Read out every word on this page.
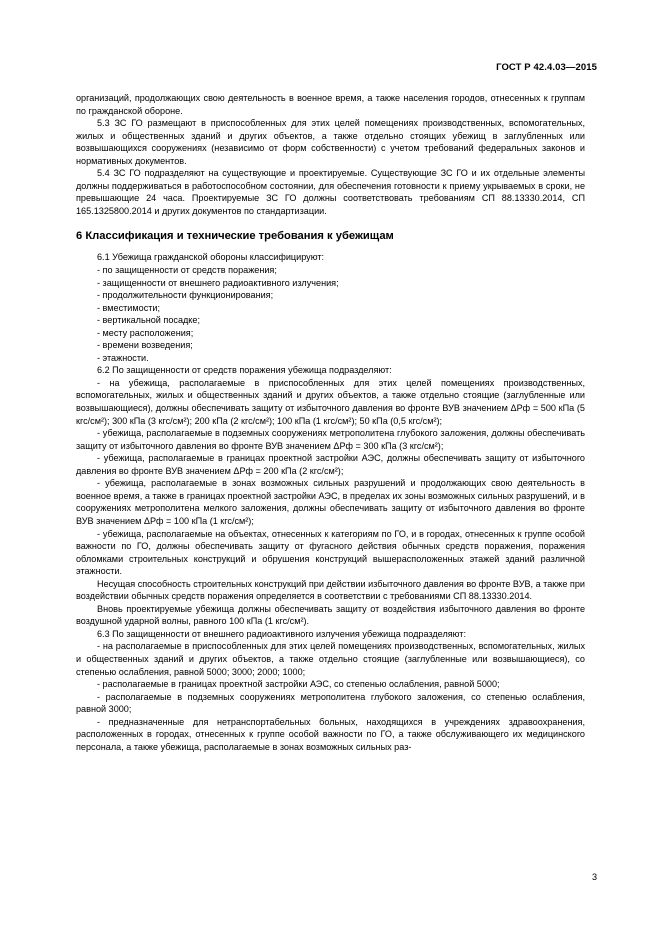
ГОСТ Р 42.4.03—2015
организаций, продолжающих свою деятельность в военное время, а также населения городов, отнесенных к группам по гражданской обороне.
5.3 ЗС ГО размещают в приспособленных для этих целей помещениях производственных, вспомогательных, жилых и общественных зданий и других объектов, а также отдельно стоящих убежищ в заглубленных или возвышающихся сооружениях (независимо от форм собственности) с учетом требований федеральных законов и нормативных документов.
5.4 ЗС ГО подразделяют на существующие и проектируемые. Существующие ЗС ГО и их отдельные элементы должны поддерживаться в работоспособном состоянии, для обеспечения готовности к приему укрываемых в сроки, не превышающие 24 часа. Проектируемые ЗС ГО должны соответствовать требованиям СП 88.13330.2014, СП 165.1325800.2014 и других документов по стандартизации.
6 Классификация и технические требования к убежищам
6.1 Убежища гражданской обороны классифицируют:
- по защищенности от средств поражения;
- защищенности от внешнего радиоактивного излучения;
- продолжительности функционирования;
- вместимости;
- вертикальной посадке;
- месту расположения;
- времени возведения;
- этажности.
6.2 По защищенности от средств поражения убежища подразделяют:
- на убежища, располагаемые в приспособленных для этих целей помещениях производственных, вспомогательных, жилых и общественных зданий и других объектов, а также отдельно стоящие (заглубленные или возвышающиеся), должны обеспечивать защиту от избыточного давления во фронте ВУВ значением ΔPф = 500 кПа (5 кгс/см²); 300 кПа (3 кгс/см²); 200 кПа (2 кгс/см²); 100 кПа (1 кгс/см²); 50 кПа (0,5 кгс/см²);
- убежища, располагаемые в подземных сооружениях метрополитена глубокого заложения, должны обеспечивать защиту от избыточного давления во фронте ВУВ значением ΔPф = 300 кПа (3 кгс/см²);
- убежища, располагаемые в границах проектной застройки АЭС, должны обеспечивать защиту от избыточного давления во фронте ВУВ значением ΔPф = 200 кПа (2 кгс/см²);
- убежища, располагаемые в зонах возможных сильных разрушений и продолжающих свою деятельность в военное время, а также в границах проектной застройки АЭС, в пределах их зоны возможных сильных разрушений, и в сооружениях метрополитена мелкого заложения, должны обеспечивать защиту от избыточного давления во фронте ВУВ значением ΔPф = 100 кПа (1 кгс/см²);
- убежища, располагаемые на объектах, отнесенных к категориям по ГО, и в городах, отнесенных к группе особой важности по ГО, должны обеспечивать защиту от фугасного действия обычных средств поражения, поражения обломками строительных конструкций и обрушения конструкций вышерасположенных этажей зданий различной этажности.
Несущая способность строительных конструкций при действии избыточного давления во фронте ВУВ, а также при воздействии обычных средств поражения определяется в соответствии с требованиями СП 88.13330.2014.
Вновь проектируемые убежища должны обеспечивать защиту от воздействия избыточного давления во фронте воздушной ударной волны, равного 100 кПа (1 кгс/см²).
6.3 По защищенности от внешнего радиоактивного излучения убежища подразделяют:
- на располагаемые в приспособленных для этих целей помещениях производственных, вспомогательных, жилых и общественных зданий и других объектов, а также отдельно стоящие (заглубленные или возвышающиеся), со степенью ослабления, равной 5000; 3000; 2000; 1000;
- располагаемые в границах проектной застройки АЭС, со степенью ослабления, равной 5000;
- располагаемые в подземных сооружениях метрополитена глубокого заложения, со степенью ослабления, равной 3000;
- предназначенные для нетранспортабельных больных, находящихся в учреждениях здравоохранения, расположенных в городах, отнесенных к группе особой важности по ГО, а также обслуживающего их медицинского персонала, а также убежища, располагаемые в зонах возможных сильных раз-
3
